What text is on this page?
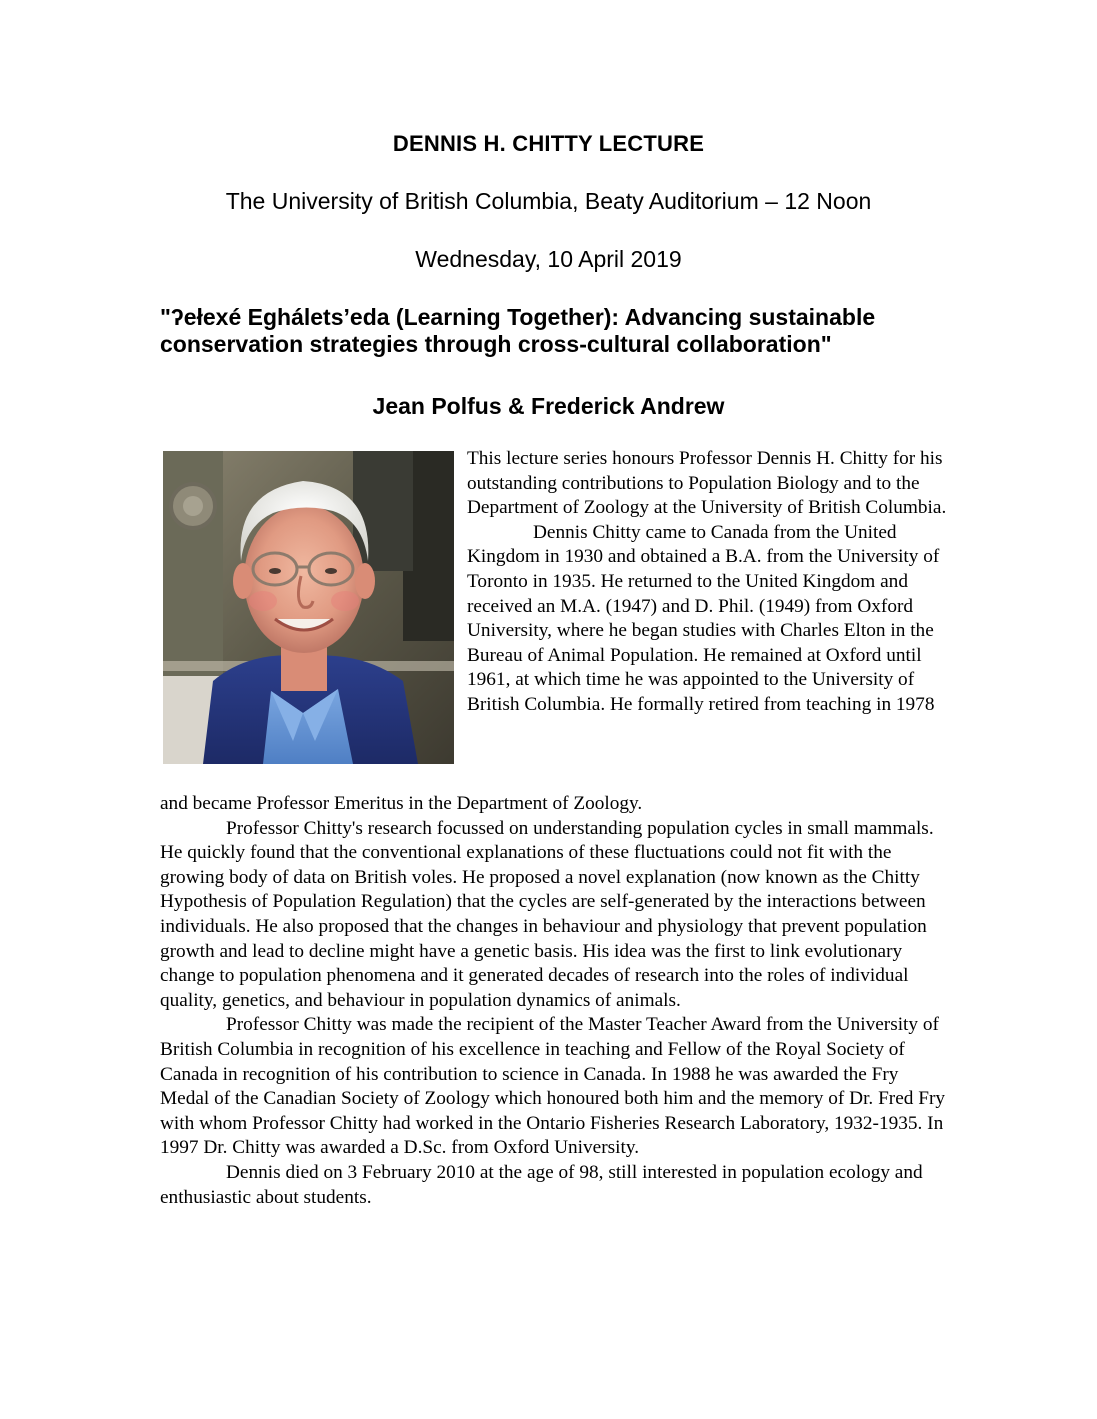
DENNIS H. CHITTY LECTURE
The University of British Columbia, Beaty Auditorium – 12 Noon
Wednesday, 10 April 2019
"ʔełexé Eghálets’eda (Learning Together): Advancing sustainable conservation strategies through cross-cultural collaboration"
Jean Polfus & Frederick Andrew

This lecture series honours Professor Dennis H. Chitty for his outstanding contributions to Population Biology and to the Department of Zoology at the University of British Columbia.

Dennis Chitty came to Canada from the United Kingdom in 1930 and obtained a B.A. from the University of Toronto in 1935. He returned to the United Kingdom and received an M.A. (1947) and D. Phil. (1949) from Oxford University, where he began studies with Charles Elton in the Bureau of Animal Population. He remained at Oxford until 1961, at which time he was appointed to the University of British Columbia. He formally retired from teaching in 1978

and became Professor Emeritus in the Department of Zoology.

Professor Chitty's research focussed on understanding population cycles in small mammals. He quickly found that the conventional explanations of these fluctuations could not fit with the growing body of data on British voles. He proposed a novel explanation (now known as the Chitty Hypothesis of Population Regulation) that the cycles are self-generated by the interactions between individuals. He also proposed that the changes in behaviour and physiology that prevent population growth and lead to decline might have a genetic basis. His idea was the first to link evolutionary change to population phenomena and it generated decades of research into the roles of individual quality, genetics, and behaviour in population dynamics of animals.

Professor Chitty was made the recipient of the Master Teacher Award from the University of British Columbia in recognition of his excellence in teaching and Fellow of the Royal Society of Canada in recognition of his contribution to science in Canada. In 1988 he was awarded the Fry Medal of the Canadian Society of Zoology which honoured both him and the memory of Dr. Fred Fry with whom Professor Chitty had worked in the Ontario Fisheries Research Laboratory, 1932-1935. In 1997 Dr. Chitty was awarded a D.Sc. from Oxford University.

Dennis died on 3 February 2010 at the age of 98, still interested in population ecology and enthusiastic about students.
